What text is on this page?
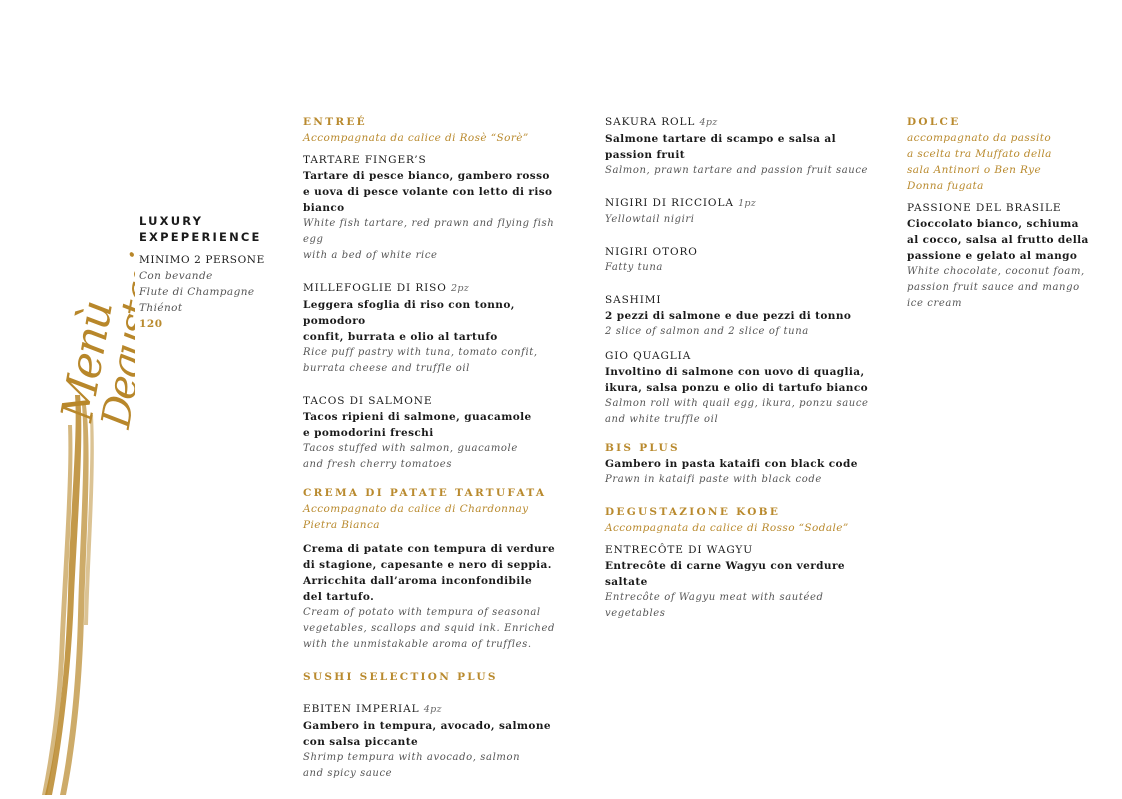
Menù
Degustazione
LUXURY
EXPEPERIENCE
MINIMO 2 PERSONE
Con bevande
Flute di Champagne Thiénot
120
ENTREÉ
Accompagnata da calice di Rosè “Sorè”
TARTARE FINGER’S
Tartare di pesce bianco, gambero rosso
e uova di pesce volante con letto di riso bianco
White fish tartare, red prawn and flying fish egg
with a bed of white rice
MILLEFOGLIE DI RISO 2pz
Leggera sfoglia di riso con tonno, pomodoro
confit, burrata e olio al tartufo
Rice puff pastry with tuna, tomato confit,
burrata cheese and truffle oil
TACOS DI SALMONE
Tacos ripieni di salmone, guacamole
e pomodorini freschi
Tacos stuffed with salmon, guacamole
and fresh cherry tomatoes
CREMA DI PATATE TARTUFATA
Accompagnato da calice di Chardonnay
Pietra Bianca
Crema di patate con tempura di verdure
di stagione, capesante e nero di seppia.
Arricchita dall’aroma inconfondibile
del tartufo.
Cream of potato with tempura of seasonal
vegetables, scallops and squid ink. Enriched
with the unmistakable aroma of truffles.
SUSHI SELECTION PLUS
EBITEN IMPERIAL 4pz
Gambero in tempura, avocado, salmone
con salsa piccante
Shrimp tempura with avocado, salmon
and spicy sauce
SAKURA ROLL 4pz
Salmone tartare di scampo e salsa al passion fruit
Salmon, prawn tartare and passion fruit sauce
NIGIRI DI RICCIOLA 1pz
Yellowtail nigiri
NIGIRI OTORO
Fatty tuna
SASHIMI
2 pezzi di salmone e due pezzi di tonno
2 slice of salmon and 2 slice of tuna
GIO QUAGLIA
Involtino di salmone con uovo di quaglia,
ikura, salsa ponzu e olio di tartufo bianco
Salmon roll with quail egg, ikura, ponzu sauce
and white truffle oil
BIS PLUS
Gambero in pasta kataifi con black code
Prawn in kataifi paste with black code
DEGUSTAZIONE KOBE
Accompagnata da calice di Rosso “Sodale”
ENTRECÔTE DI WAGYU
Entrecôte di carne Wagyu con verdure saltate
Entrecôte of Wagyu meat with sautéed vegetables
DOLCE
accompagnato da passito
a scelta tra Muffato della
sala Antinori o Ben Rye
Donna fugata
PASSIONE DEL BRASILE
Cioccolato bianco, schiuma
al cocco, salsa al frutto della
passione e gelato al mango
White chocolate, coconut foam,
passion fruit sauce and mango
ice cream
